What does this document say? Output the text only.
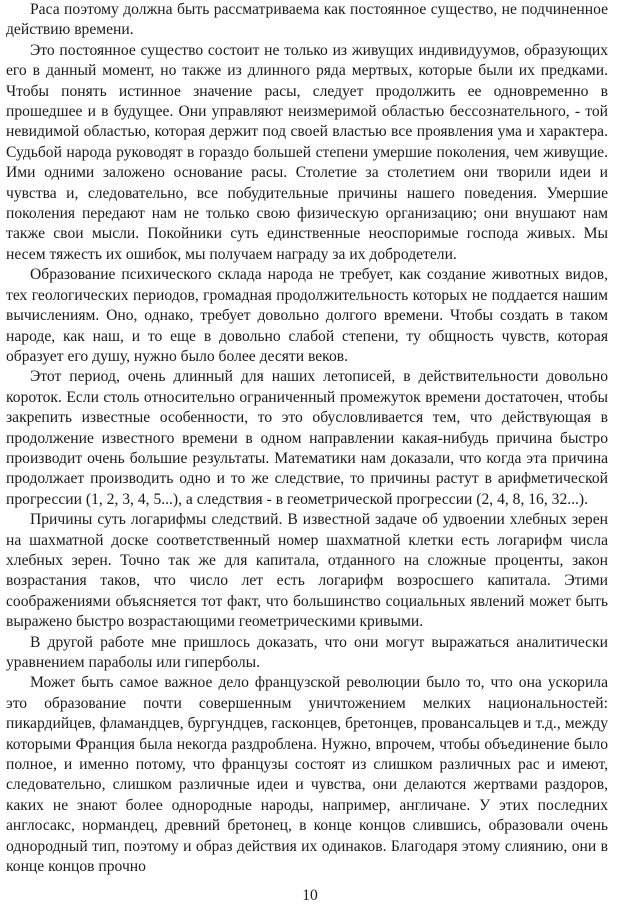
Раса поэтому должна быть рассматриваема как постоянное существо, не подчиненное действию времени.

Это постоянное существо состоит не только из живущих индивидуумов, образующих его в данный момент, но также из длинного ряда мертвых, которые были их предками. Чтобы понять истинное значение расы, следует продолжить ее одновременно в прошедшее и в будущее. Они управляют неизмеримой областью бессознательного, - той невидимой областью, которая держит под своей властью все проявления ума и характера. Судьбой народа руководят в гораздо большей степени умершие поколения, чем живущие. Ими одними заложено основание расы. Столетие за столетием они творили идеи и чувства и, следовательно, все побудительные причины нашего поведения. Умершие поколения передают нам не только свою физическую организацию; они внушают нам также свои мысли. Покойники суть единственные неоспоримые господа живых. Мы несем тяжесть их ошибок, мы получаем награду за их добродетели.

Образование психического склада народа не требует, как создание животных видов, тех геологических периодов, громадная продолжительность которых не поддается нашим вычислениям. Оно, однако, требует довольно долгого времени. Чтобы создать в таком народе, как наш, и то еще в довольно слабой степени, ту общность чувств, которая образует его душу, нужно было более десяти веков.

Этот период, очень длинный для наших летописей, в действительности довольно короток. Если столь относительно ограниченный промежуток времени достаточен, чтобы закрепить известные особенности, то это обусловливается тем, что действующая в продолжение известного времени в одном направлении какая-нибудь причина быстро производит очень большие результаты. Математики нам доказали, что когда эта причина продолжает производить одно и то же следствие, то причины растут в арифметической прогрессии (1, 2, 3, 4, 5...), а следствия - в геометрической прогрессии (2, 4, 8, 16, 32...).

Причины суть логарифмы следствий. В известной задаче об удвоении хлебных зерен на шахматной доске соответственный номер шахматной клетки есть логарифм числа хлебных зерен. Точно так же для капитала, отданного на сложные проценты, закон возрастания таков, что число лет есть логарифм возросшего капитала. Этими соображениями объясняется тот факт, что большинство социальных явлений может быть выражено быстро возрастающими геометрическими кривыми.

В другой работе мне пришлось доказать, что они могут выражаться аналитически уравнением параболы или гиперболы.

Может быть самое важное дело французской революции было то, что она ускорила это образование почти совершенным уничтожением мелких национальностей: пикардийцев, фламандцев, бургундцев, гасконцев, бретонцев, провансальцев и т.д., между которыми Франция была некогда раздроблена. Нужно, впрочем, чтобы объединение было полное, и именно потому, что французы состоят из слишком различных рас и имеют, следовательно, слишком различные идеи и чувства, они делаются жертвами раздоров, каких не знают более однородные народы, например, англичане. У этих последних англосакс, нормандец, древний бретонец, в конце концов слившись, образовали очень однородный тип, поэтому и образ действия их одинаков. Благодаря этому слиянию, они в конце концов прочно

10
